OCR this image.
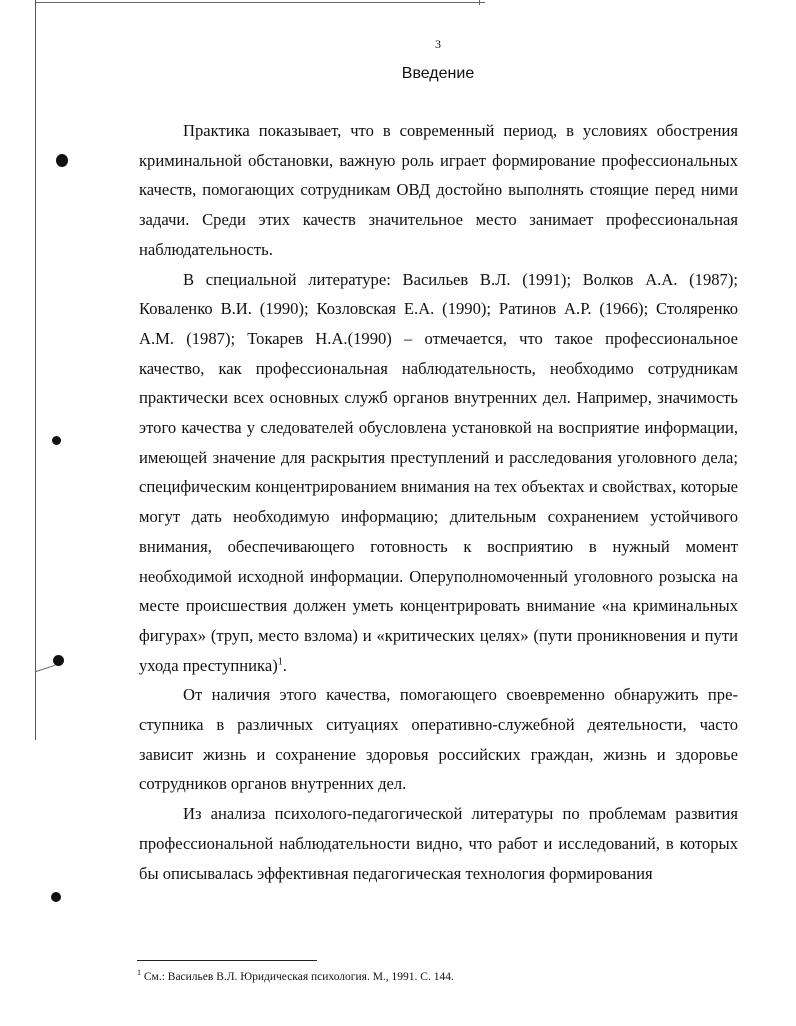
3
Введение

Практика показывает, что в современный период, в условиях обострения криминальной обстановки, важную роль играет формирование профессиональных качеств, помогающих сотрудникам ОВД достойно выполнять стоящие перед ними задачи. Среди этих качеств значительное место занимает профессиональная наблюдательность.

В специальной литературе: Васильев В.Л. (1991); Волков А.А. (1987); Коваленко В.И. (1990); Козловская Е.А. (1990); Ратинов А.Р. (1966); Столяренко А.М. (1987); Токарев Н.А.(1990) – отмечается, что такое профессиональное качество, как профессиональная наблюдательность, необходимо сотрудникам практически всех основных служб органов внутренних дел. Например, значимость этого качества у следователей обусловлена установкой на восприятие информации, имеющей значение для раскрытия преступлений и расследования уголовного дела; специфическим концентрированием внимания на тех объектах и свойствах, которые могут дать необходимую информацию; длительным сохранением устойчивого внимания, обеспечивающего готовность к восприятию в нужный момент необходимой исходной информации. Оперуполномоченный уголовного розыска на месте происшествия должен уметь концентрировать внимание «на криминальных фигурах» (труп, место взлома) и «критических целях» (пути проникновения и пути ухода преступника)$^1$.

От наличия этого качества, помогающего своевременно обнаружить преступника в различных ситуациях оперативно-служебной деятельности, часто зависит жизнь и сохранение здоровья российских граждан, жизнь и здоровье сотрудников органов внутренних дел.

Из анализа психолого-педагогической литературы по проблемам развития профессиональной наблюдательности видно, что работ и исследований, в которых бы описывалась эффективная педагогическая технология формирования

$^1$ См.: Васильев В.Л. Юридическая психология. М., 1991. С. 144.
